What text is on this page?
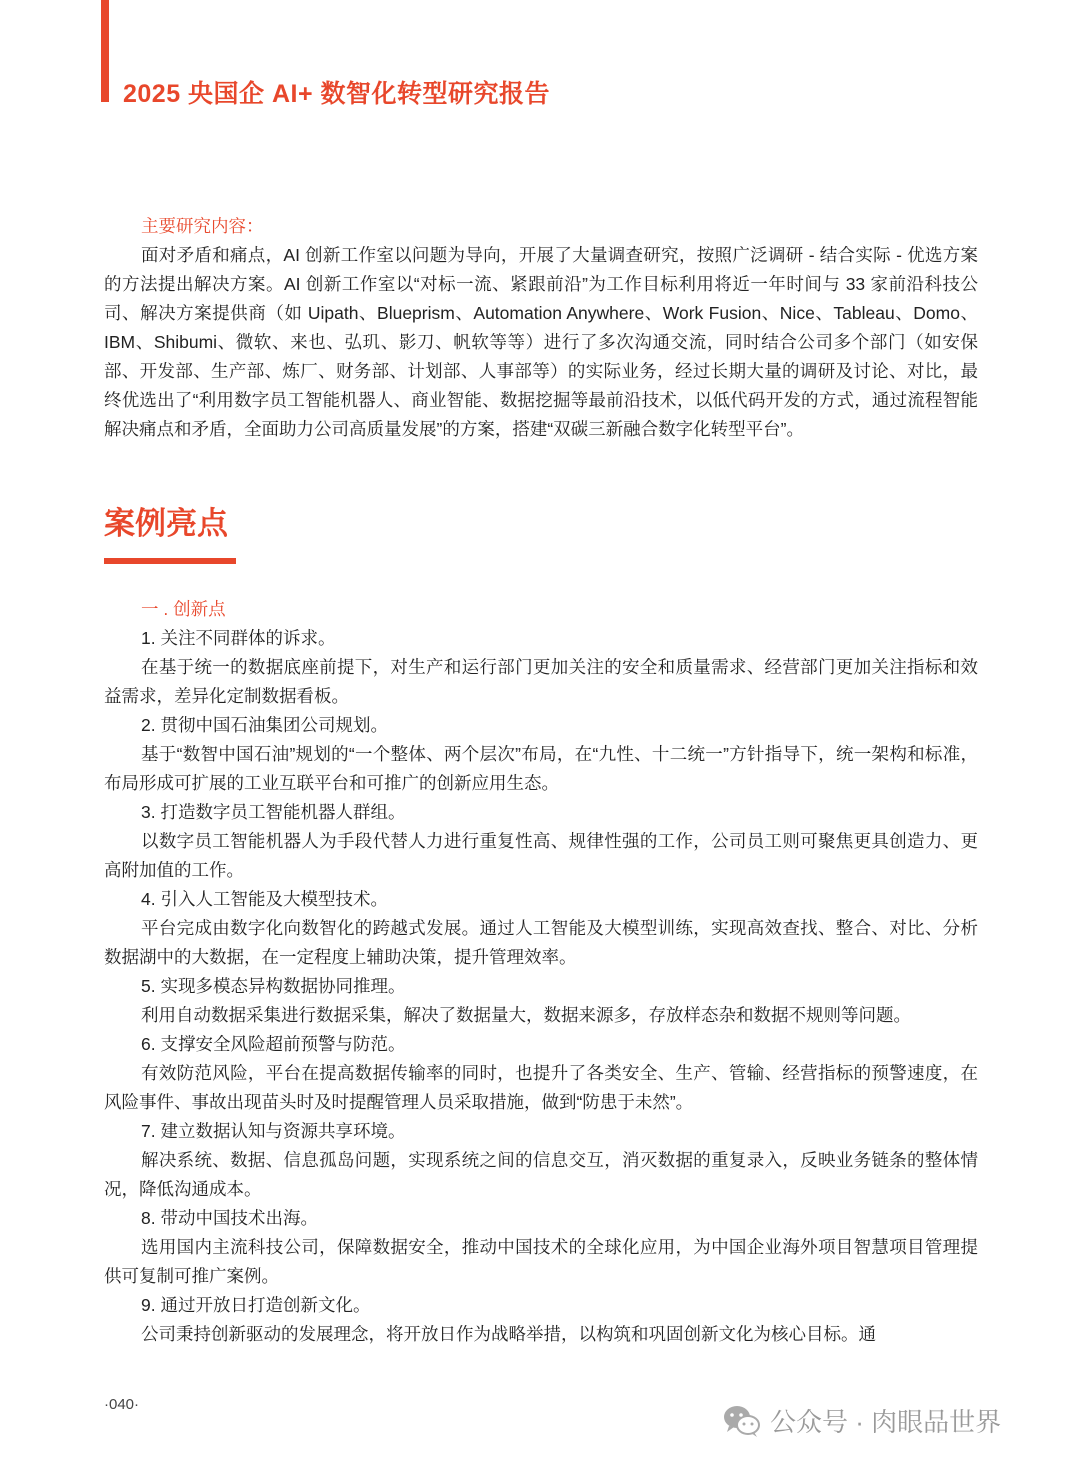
2025 央国企 AI+ 数智化转型研究报告
主要研究内容：

面对矛盾和痛点，AI 创新工作室以问题为导向，开展了大量调查研究，按照广泛调研 - 结合实际 - 优选方案的方法提出解决方案。AI 创新工作室以“对标一流、紧跟前沿”为工作目标利用将近一年时间与 33 家前沿科技公司、解决方案提供商（如 Uipath、Blueprism、Automation Anywhere、Work Fusion、Nice、Tableau、Domo、IBM、Shibumi、微软、来也、弘玑、影刀、帆软等等）进行了多次沟通交流，同时结合公司多个部门（如安保部、开发部、生产部、炼厂、财务部、计划部、人事部等）的实际业务，经过长期大量的调研及讨论、对比，最终优选出了“利用数字员工智能机器人、商业智能、数据挖掘等最前沿技术，以低代码开发的方式，通过流程智能解决痛点和矛盾，全面助力公司高质量发展”的方案，搭建“双碳三新融合数字化转型平台”。

案例亮点
一 . 创新点

1. 关注不同群体的诉求。

在基于统一的数据底座前提下，对生产和运行部门更加关注的安全和质量需求、经营部门更加关注指标和效益需求，差异化定制数据看板。

2. 贯彻中国石油集团公司规划。

基于“数智中国石油”规划的“一个整体、两个层次”布局，在“九性、十二统一”方针指导下，统一架构和标准，布局形成可扩展的工业互联平台和可推广的创新应用生态。

3. 打造数字员工智能机器人群组。

以数字员工智能机器人为手段代替人力进行重复性高、规律性强的工作，公司员工则可聚焦更具创造力、更高附加值的工作。

4. 引入人工智能及大模型技术。

平台完成由数字化向数智化的跨越式发展。通过人工智能及大模型训练，实现高效查找、整合、对比、分析数据湖中的大数据，在一定程度上辅助决策，提升管理效率。

5. 实现多模态异构数据协同推理。

利用自动数据采集进行数据采集，解决了数据量大，数据来源多，存放样态杂和数据不规则等问题。

6. 支撑安全风险超前预警与防范。

有效防范风险，平台在提高数据传输率的同时，也提升了各类安全、生产、管输、经营指标的预警速度，在风险事件、事故出现苗头时及时提醒管理人员采取措施，做到“防患于未然”。

7. 建立数据认知与资源共享环境。

解决系统、数据、信息孤岛问题，实现系统之间的信息交互，消灭数据的重复录入，反映业务链条的整体情况，降低沟通成本。

8. 带动中国技术出海。

选用国内主流科技公司，保障数据安全，推动中国技术的全球化应用，为中国企业海外项目智慧项目管理提供可复制可推广案例。

9. 通过开放日打造创新文化。

公司秉持创新驱动的发展理念，将开放日作为战略举措，以构筑和巩固创新文化为核心目标。通

·040·
公众号 · 肉眼品世界
